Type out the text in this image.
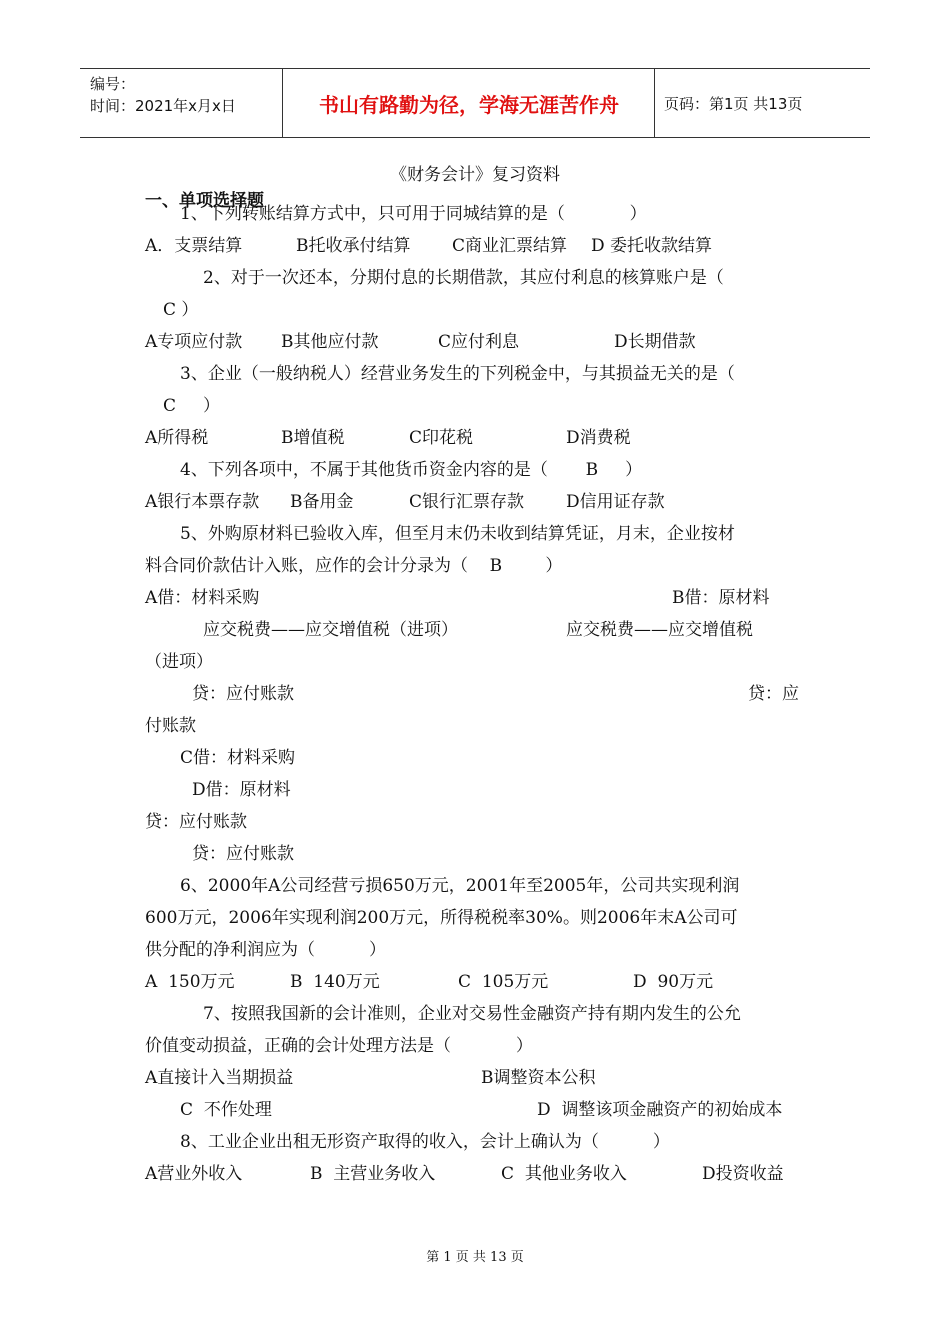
编号：
时间：2021年x月x日	书山有路勤为径，学海无涯苦作舟	页码：第1页 共13页
《财务会计》复习资料
一、单项选择题
1、下列转账结算方式中，只可用于同城结算的是（            ）
A．支票结算	B托收承付结算 C商业汇票结算 D 委托收款结算
2、对于一次还本，分期付息的长期借款，其应付利息的核算账户是（
C ）
A专项应付款 B其他应付款	C应付利息	D长期借款
3、企业（一般纳税人）经营业务发生的下列税金中，与其损益无关的是（
C     ）
A所得税	B增值税	C印花税	D消费税
4、下列各项中，不属于其他货币资金内容的是（       B     ）
A银行本票存款 B备用金	C银行汇票存款 D信用证存款
5、外购原材料已验收入库，但至月末仍未收到结算凭证，月末，企业按材
料合同价款估计入账，应作的会计分录为（    B        ）
A借：材料采购	B借：原材料
应交税费——应交增值税（进项）	应交税费——应交增值税
（进项）
贷：应付账款	贷：应
付账款
C借：材料采购
D借：原材料
贷：应付账款
贷：应付账款
6、2000年A公司经营亏损650万元，2001年至2005年，公司共实现利润
600万元，2006年实现利润200万元，所得税税率30%。则2006年末A公司可
供分配的净利润应为（          ）
A  150万元	B  140万元	C  105万元	D  90万元
7、按照我国新的会计准则，企业对交易性金融资产持有期内发生的公允
价值变动损益，正确的会计处理方法是（            ）
A直接计入当期损益	B调整资本公积
C  不作处理	D  调整该项金融资产的初始成本
8、工业企业出租无形资产取得的收入，会计上确认为（          ）
A营业外收入	B  主营业务收入	C  其他业务收入	D投资收益
第 1 页 共 13 页
